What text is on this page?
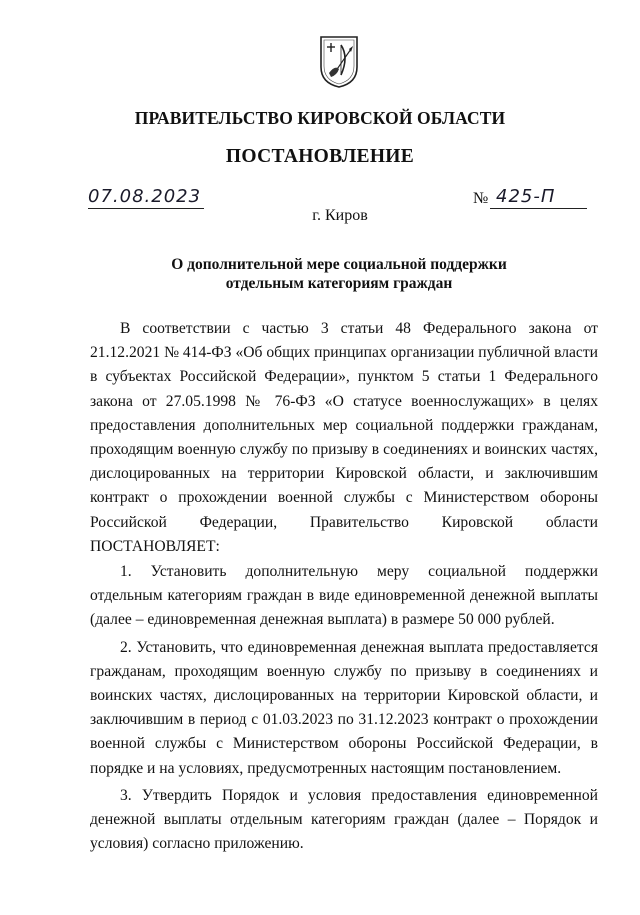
ПРАВИТЕЛЬСТВО КИРОВСКОЙ ОБЛАСТИ
ПОСТАНОВЛЕНИЕ
07.08.2023	№ 425-П
г. Киров
О дополнительной мере социальной поддержки
отдельным категориям граждан

В соответствии с частью 3 статьи 48 Федерального закона от 21.12.2021 № 414-ФЗ «Об общих принципах организации публичной власти в субъектах Российской Федерации», пунктом 5 статьи 1 Федерального закона от 27.05.1998 № 76-ФЗ «О статусе военнослужащих» в целях предоставления дополнительных мер социальной поддержки гражданам, проходящим военную службу по призыву в соединениях и воинских частях, дислоцированных на территории Кировской области, и заключившим контракт о прохождении военной службы с Министерством обороны Российской Федерации, Правительство Кировской области

ПОСТАНОВЛЯЕТ:

1. Установить дополнительную меру социальной поддержки отдельным категориям граждан в виде единовременной денежной выплаты (далее – единовременная денежная выплата) в размере 50 000 рублей.

2. Установить, что единовременная денежная выплата предоставляется гражданам, проходящим военную службу по призыву в соединениях и воинских частях, дислоцированных на территории Кировской области, и заключившим в период с 01.03.2023 по 31.12.2023 контракт о прохождении военной службы с Министерством обороны Российской Федерации, в порядке и на условиях, предусмотренных настоящим постановлением.

3. Утвердить Порядок и условия предоставления единовременной денежной выплаты отдельным категориям граждан (далее – Порядок и условия) согласно приложению.
